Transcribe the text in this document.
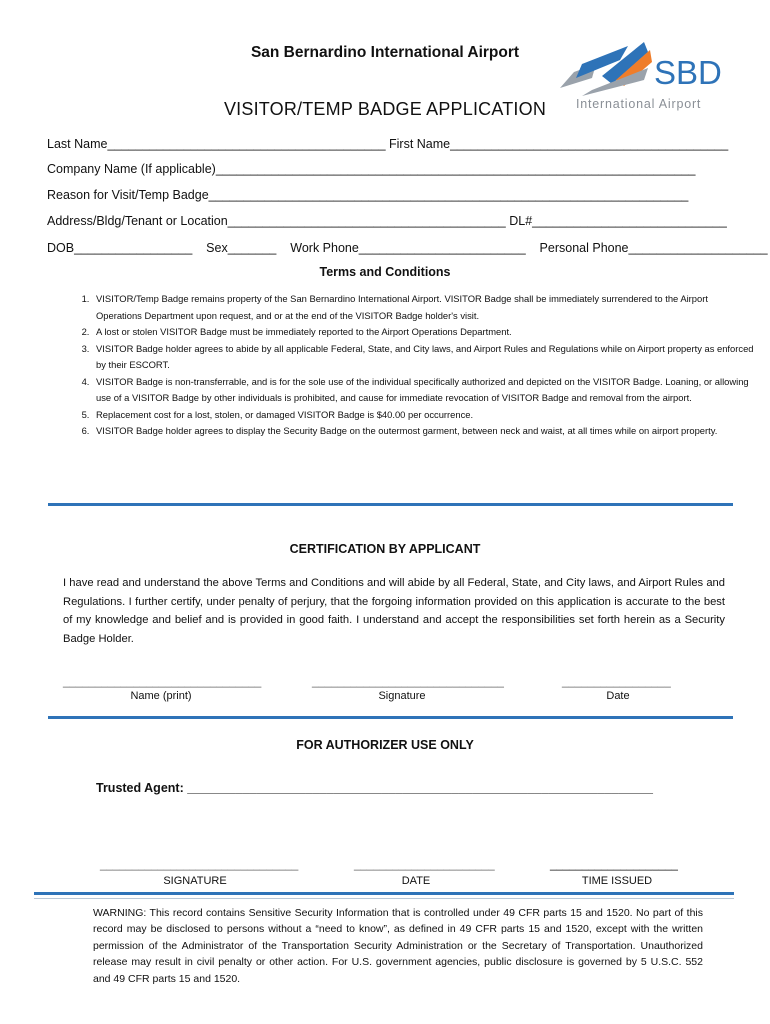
San Bernardino International Airport
VISITOR/TEMP BADGE APPLICATION
SBD
International Airport
Last Name________________________________________ First Name________________________________________
Company Name (If applicable)_____________________________________________________________________
Reason for Visit/Temp Badge_____________________________________________________________________
Address/Bldg/Tenant or Location________________________________________ DL#____________________________
DOB_________________    Sex_______    Work Phone________________________    Personal Phone____________________
Terms and Conditions
1. VISITOR/Temp Badge remains property of the San Bernardino International Airport. VISITOR Badge shall be immediately surrendered to the Airport Operations Department upon request, and or at the end of the VISITOR Badge holder's visit.
2. A lost or stolen VISITOR Badge must be immediately reported to the Airport Operations Department.
3. VISITOR Badge holder agrees to abide by all applicable Federal, State, and City laws, and Airport Rules and Regulations while on Airport property as enforced by their ESCORT.
4. VISITOR Badge is non-transferrable, and is for the sole use of the individual specifically authorized and depicted on the VISITOR Badge. Loaning, or allowing use of a VISITOR Badge by other individuals is prohibited, and cause for immediate revocation of VISITOR Badge and removal from the airport.
5. Replacement cost for a lost, stolen, or damaged VISITOR Badge is $40.00 per occurrence.
6. VISITOR Badge holder agrees to display the Security Badge on the outermost garment, between neck and waist, at all times while on airport property.
CERTIFICATION BY APPLICANT
I have read and understand the above Terms and Conditions and will abide by all Federal, State, and City laws, and Airport Rules and Regulations. I further certify, under penalty of perjury, that the forgoing information provided on this application is accurate to the best of my knowledge and belief and is provided in good faith. I understand and accept the responsibilities set forth herein as a Security Badge Holder.
_______________________________	______________________________	_________________
Name (print)	Signature	Date
FOR AUTHORIZER USE ONLY
Trusted Agent: ___________________________________________________________________
_______________________________	______________________	____________________
SIGNATURE	DATE	TIME ISSUED
WARNING: This record contains Sensitive Security Information that is controlled under 49 CFR parts 15 and 1520. No part of this record may be disclosed to persons without a “need to know”, as defined in 49 CFR parts 15 and 1520, except with the written permission of the Administrator of the Transportation Security Administration or the Secretary of Transportation. Unauthorized release may result in civil penalty or other action. For U.S. government agencies, public disclosure is governed by 5 U.S.C. 552 and 49 CFR parts 15 and 1520.
